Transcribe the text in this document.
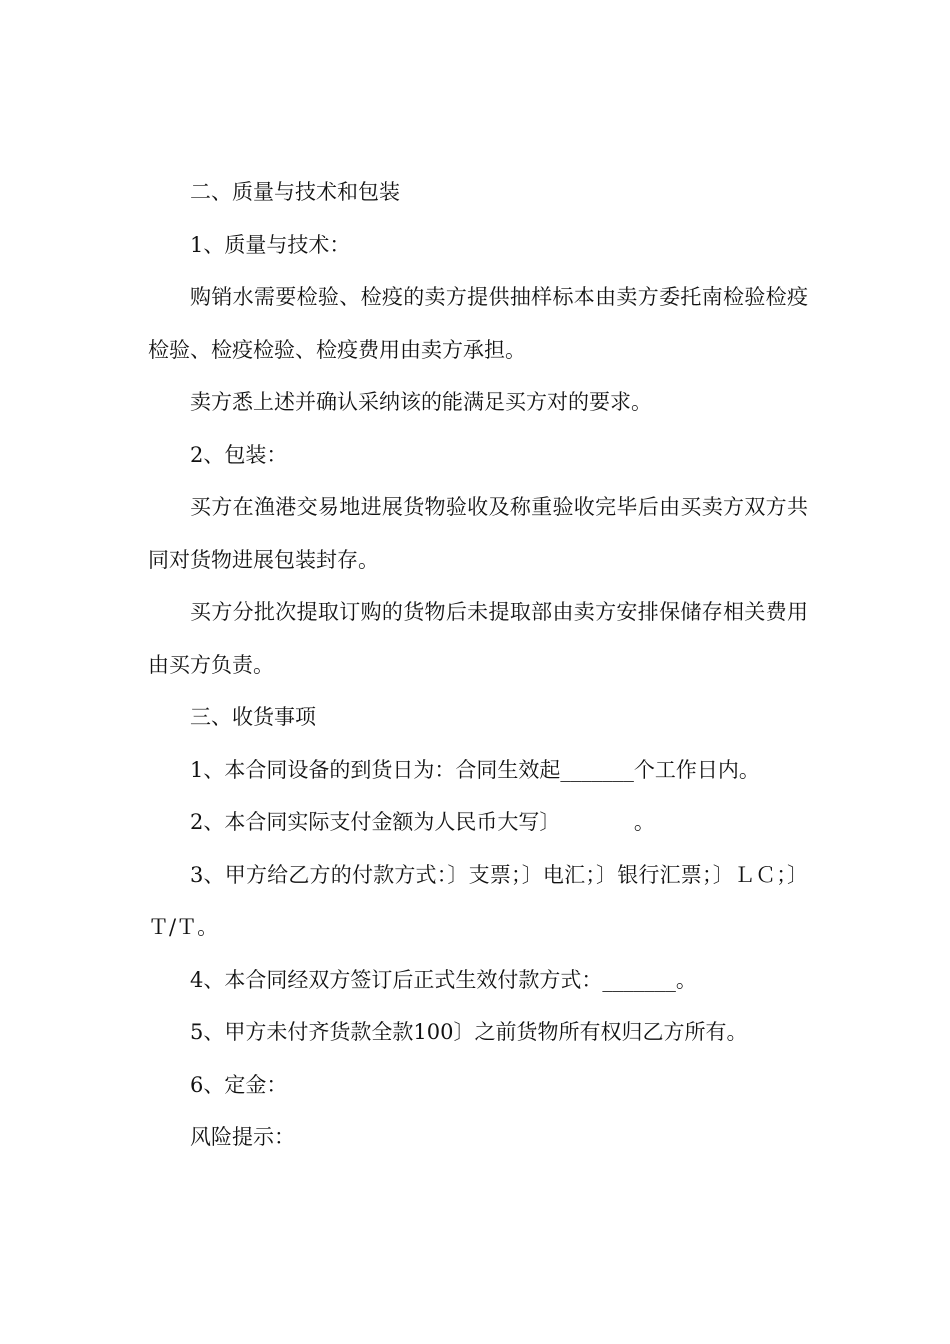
二、质量与技术和包装

1、质量与技术：

购销水需要检验、检疫的卖方提供抽样标本由卖方委托南检验检疫检验、检疫检验、检疫费用由卖方承担。

卖方悉上述并确认采纳该的能满足买方对的要求。

2、包装：

买方在渔港交易地进展货物验收及称重验收完毕后由买卖方双方共同对货物进展包装封存。

买方分批次提取订购的货物后未提取部由卖方安排保储存相关费用由买方负责。

三、收货事项

1、本合同设备的到货日为：合同生效起_______个工作日内。

2、本合同实际支付金额为人民币大写〕　　　　。

3、甲方给乙方的付款方式：〕支票；〕电汇；〕银行汇票；〕ＬＣ；〕Ｔ/Ｔ。

4、本合同经双方签订后正式生效付款方式：_______。

5、甲方未付齐货款全款100〕之前货物所有权归乙方所有。

6、定金：

风险提示：
